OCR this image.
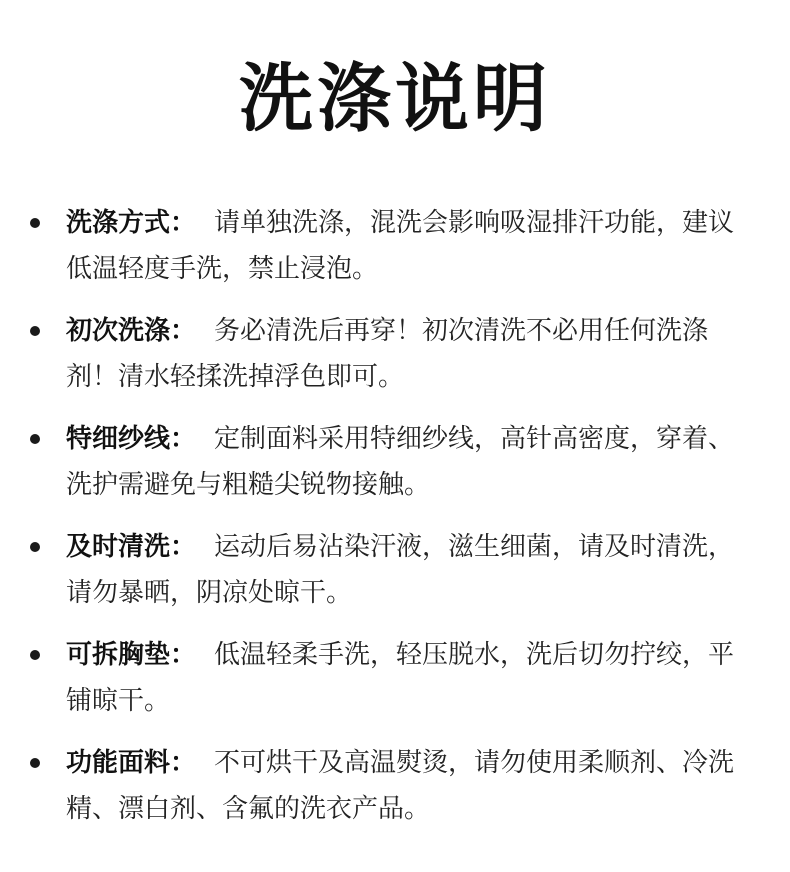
洗涤说明
洗涤方式： 请单独洗涤，混洗会影响吸湿排汗功能，建议低温轻度手洗，禁止浸泡。
初次洗涤： 务必清洗后再穿！初次清洗不必用任何洗涤剂！清水轻揉洗掉浮色即可。
特细纱线： 定制面料采用特细纱线，高针高密度，穿着、洗护需避免与粗糙尖锐物接触。
及时清洗： 运动后易沾染汗液，滋生细菌，请及时清洗，请勿暴晒，阴凉处晾干。
可拆胸垫： 低温轻柔手洗，轻压脱水，洗后切勿拧绞，平铺晾干。
功能面料： 不可烘干及高温熨烫，请勿使用柔顺剂、冷洗精、漂白剂、含氟的洗衣产品。
